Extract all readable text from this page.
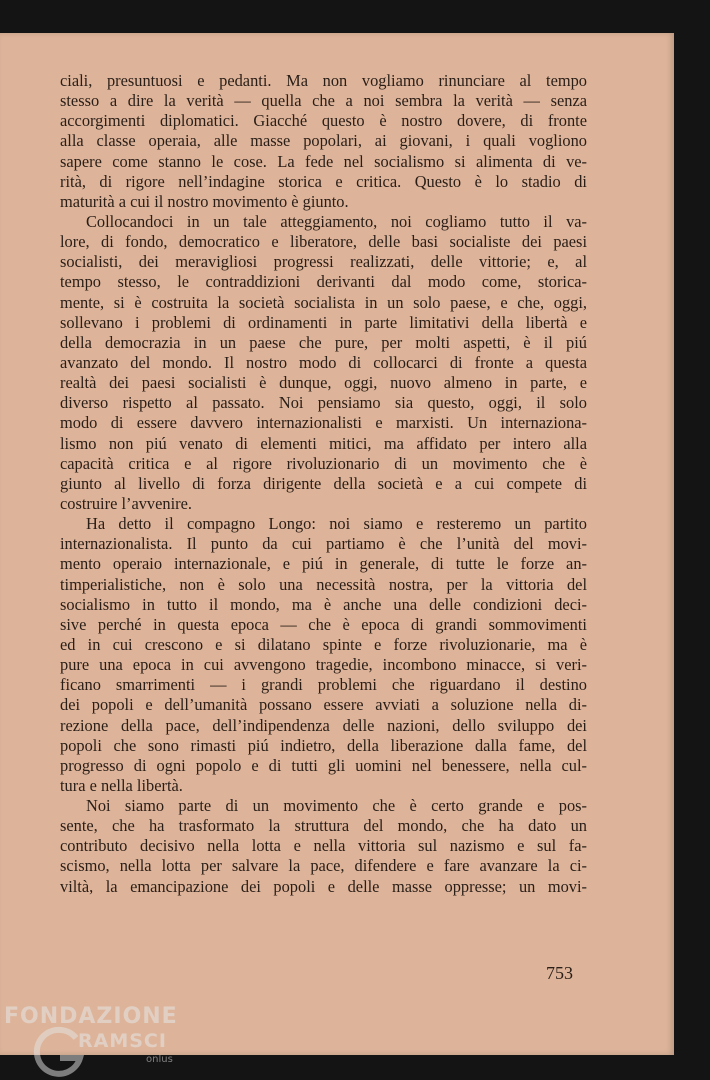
ciali, presuntuosi e pedanti. Ma non vogliamo rinunciare al tempo
stesso a dire la verità — quella che a noi sembra la verità — senza
accorgimenti diplomatici. Giacché questo è nostro dovere, di fronte
alla classe operaia, alle masse popolari, ai giovani, i quali vogliono
sapere come stanno le cose. La fede nel socialismo si alimenta di ve-
rità, di rigore nell’indagine storica e critica. Questo è lo stadio di
maturità a cui il nostro movimento è giunto.
Collocandoci in un tale atteggiamento, noi cogliamo tutto il va-
lore, di fondo, democratico e liberatore, delle basi socialiste dei paesi
socialisti, dei meravigliosi progressi realizzati, delle vittorie; e, al
tempo stesso, le contraddizioni derivanti dal modo come, storica-
mente, si è costruita la società socialista in un solo paese, e che, oggi,
sollevano i problemi di ordinamenti in parte limitativi della libertà e
della democrazia in un paese che pure, per molti aspetti, è il piú
avanzato del mondo. Il nostro modo di collocarci di fronte a questa
realtà dei paesi socialisti è dunque, oggi, nuovo almeno in parte, e
diverso rispetto al passato. Noi pensiamo sia questo, oggi, il solo
modo di essere davvero internazionalisti e marxisti. Un internaziona-
lismo non piú venato di elementi mitici, ma affidato per intero alla
capacità critica e al rigore rivoluzionario di un movimento che è
giunto al livello di forza dirigente della società e a cui compete di
costruire l’avvenire.
Ha detto il compagno Longo: noi siamo e resteremo un partito
internazionalista. Il punto da cui partiamo è che l’unità del movi-
mento operaio internazionale, e piú in generale, di tutte le forze an-
timperialistiche, non è solo una necessità nostra, per la vittoria del
socialismo in tutto il mondo, ma è anche una delle condizioni deci-
sive perché in questa epoca — che è epoca di grandi sommovimenti
ed in cui crescono e si dilatano spinte e forze rivoluzionarie, ma è
pure una epoca in cui avvengono tragedie, incombono minacce, si veri-
ficano smarrimenti — i grandi problemi che riguardano il destino
dei popoli e dell’umanità possano essere avviati a soluzione nella di-
rezione della pace, dell’indipendenza delle nazioni, dello sviluppo dei
popoli che sono rimasti piú indietro, della liberazione dalla fame, del
progresso di ogni popolo e di tutti gli uomini nel benessere, nella cul-
tura e nella libertà.
Noi siamo parte di un movimento che è certo grande e pos-
sente, che ha trasformato la struttura del mondo, che ha dato un
contributo decisivo nella lotta e nella vittoria sul nazismo e sul fa-
scismo, nella lotta per salvare la pace, difendere e fare avanzare la ci-
viltà, la emancipazione dei popoli e delle masse oppresse; un movi-
753
FONDAZIONE
RAMSCI
onlus
